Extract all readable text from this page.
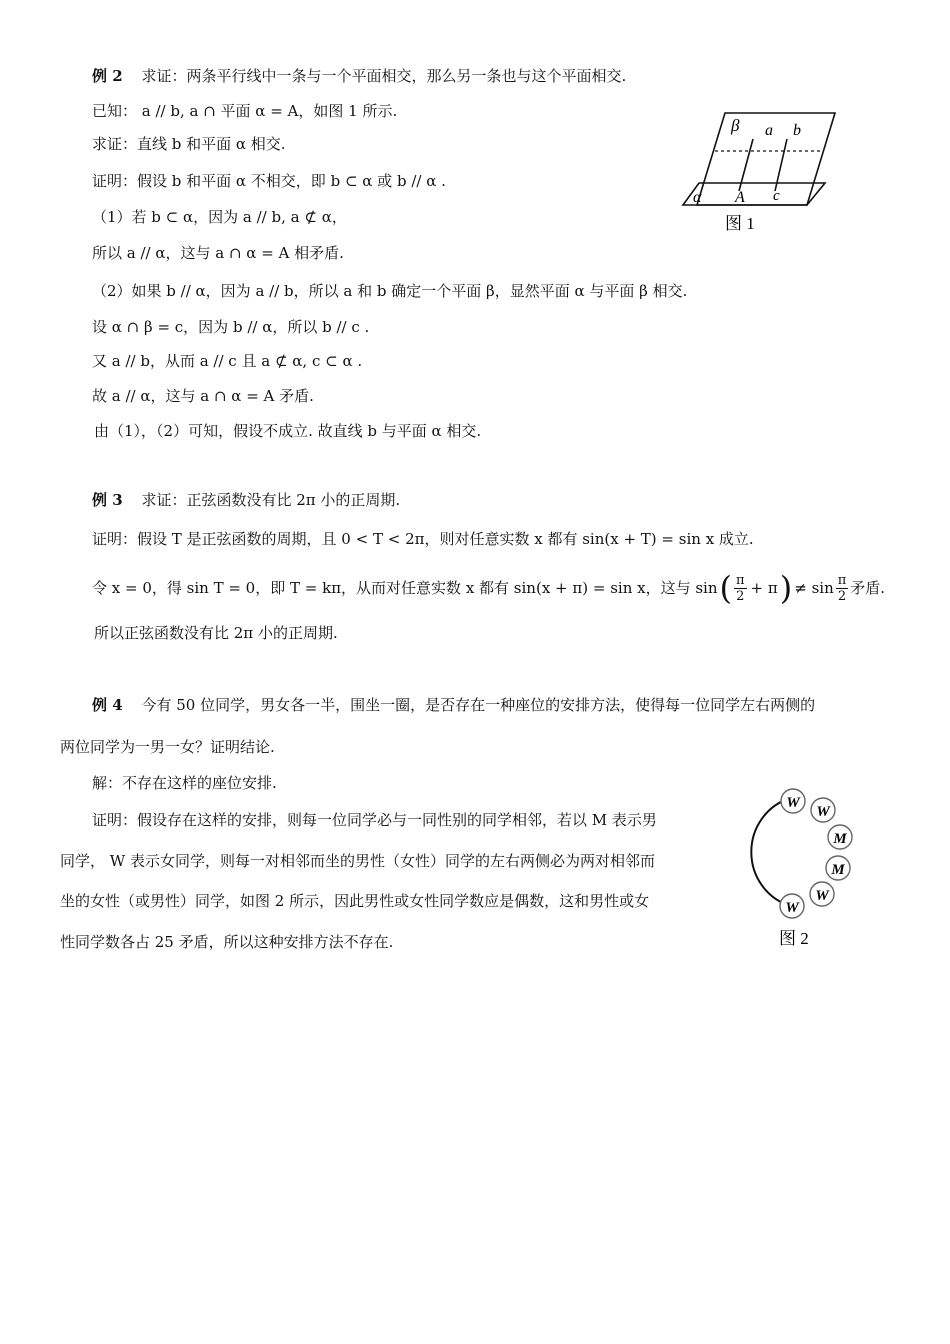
例 2 求证：两条平行线中一条与一个平面相交，那么另一条也与这个平面相交.
已知： a // b, a ∩ 平面 α = A，如图 1 所示.
求证：直线 b 和平面 α 相交.
证明：假设 b 和平面 α 不相交，即 b ⊂ α 或 b // α .
（1）若 b ⊂ α，因为 a // b, a ⊄ α，
所以 a // α，这与 a ∩ α = A 相矛盾.
（2）如果 b // α，因为 a // b，所以 a 和 b 确定一个平面 β，显然平面 α 与平面 β 相交.
设 α ∩ β = c，因为 b // α，所以 b // c .
又 a // b，从而 a // c 且 a ⊄ α, c ⊂ α .
故 a // α，这与 a ∩ α = A 矛盾.
由（1），（2）可知，假设不成立. 故直线 b 与平面 α 相交.
β a b
α A c
图 1
例 3 求证：正弦函数没有比 2π 小的正周期.
证明：假设 T 是正弦函数的周期，且 0 < T < 2π，则对任意实数 x 都有 sin(x + T) = sin x 成立.
令 x = 0，得 sin T = 0，即 T = kπ，从而对任意实数 x 都有 sin(x + π) = sin x，这与 sin ( $\frac{\pi}{2} + \pi$ ) ≠ $\sin \frac{\pi}{2}$ 矛盾.
所以正弦函数没有比 2π 小的正周期.
例 4 今有 50 位同学，男女各一半，围坐一圈，是否存在一种座位的安排方法，使得每一位同学左右两侧的
两位同学为一男一女？证明结论.
解：不存在这样的座位安排.
证明：假设存在这样的安排，则每一位同学必与一同性别的同学相邻，若以 M 表示男
同学， W 表示女同学，则每一对相邻而坐的男性（女性）同学的左右两侧必为两对相邻而
坐的女性（或男性）同学，如图 2 所示，因此男性或女性同学数应是偶数，这和男性或女
性同学数各占 25 矛盾，所以这种安排方法不存在.
W
W
M
M
W
W
图 2
